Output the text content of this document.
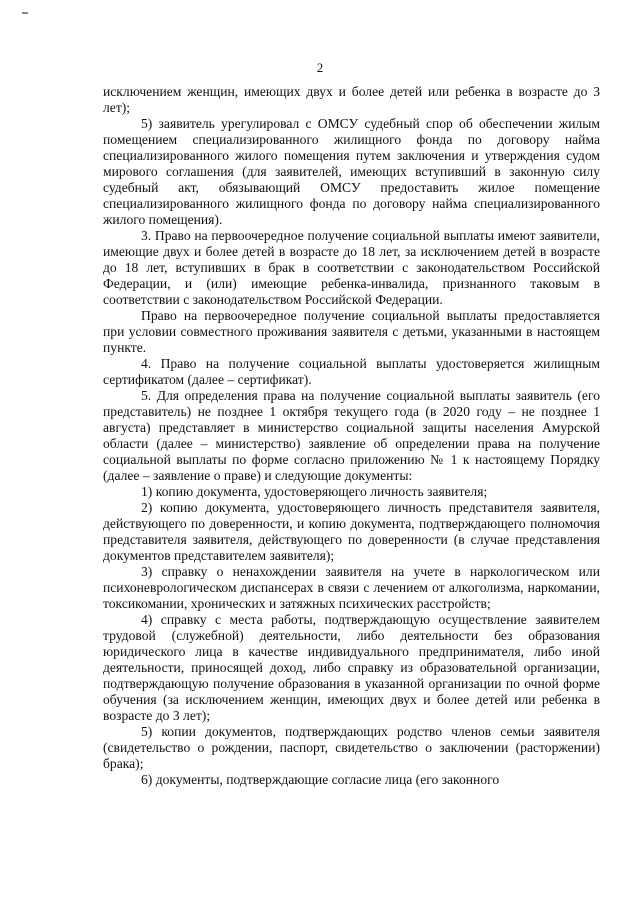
2

исключением женщин, имеющих двух и более детей или ребенка в возрасте до 3 лет);

5) заявитель урегулировал с ОМСУ судебный спор об обеспечении жилым помещением специализированного жилищного фонда по договору найма специализированного жилого помещения путем заключения и утверждения судом мирового соглашения (для заявителей, имеющих вступивший в законную силу судебный акт, обязывающий ОМСУ предоставить жилое помещение специализированного жилищного фонда по договору найма специализированного жилого помещения).

3. Право на первоочередное получение социальной выплаты имеют заявители, имеющие двух и более детей в возрасте до 18 лет, за исключением детей в возрасте до 18 лет, вступивших в брак в соответствии с законодательством Российской Федерации, и (или) имеющие ребенка-инвалида, признанного таковым в соответствии с законодательством Российской Федерации.

Право на первоочередное получение социальной выплаты предоставляется при условии совместного проживания заявителя с детьми, указанными в настоящем пункте.

4. Право на получение социальной выплаты удостоверяется жилищным сертификатом (далее – сертификат).

5. Для определения права на получение социальной выплаты заявитель (его представитель) не позднее 1 октября текущего года (в 2020 году – не позднее 1 августа) представляет в министерство социальной защиты населения Амурской области (далее – министерство) заявление об определении права на получение социальной выплаты по форме согласно приложению № 1 к настоящему Порядку (далее – заявление о праве) и следующие документы:

1) копию документа, удостоверяющего личность заявителя;

2) копию документа, удостоверяющего личность представителя заявителя, действующего по доверенности, и копию документа, подтверждающего полномочия представителя заявителя, действующего по доверенности (в случае представления документов представителем заявителя);

3) справку о ненахождении заявителя на учете в наркологическом или психоневрологическом диспансерах в связи с лечением от алкоголизма, наркомании, токсикомании, хронических и затяжных психических расстройств;

4) справку с места работы, подтверждающую осуществление заявителем трудовой (служебной) деятельности, либо деятельности без образования юридического лица в качестве индивидуального предпринимателя, либо иной деятельности, приносящей доход, либо справку из образовательной организации, подтверждающую получение образования в указанной организации по очной форме обучения (за исключением женщин, имеющих двух и более детей или ребенка в возрасте до 3 лет);

5) копии документов, подтверждающих родство членов семьи заявителя (свидетельство о рождении, паспорт, свидетельство о заключении (расторжении) брака);

6) документы, подтверждающие согласие лица (его законного
